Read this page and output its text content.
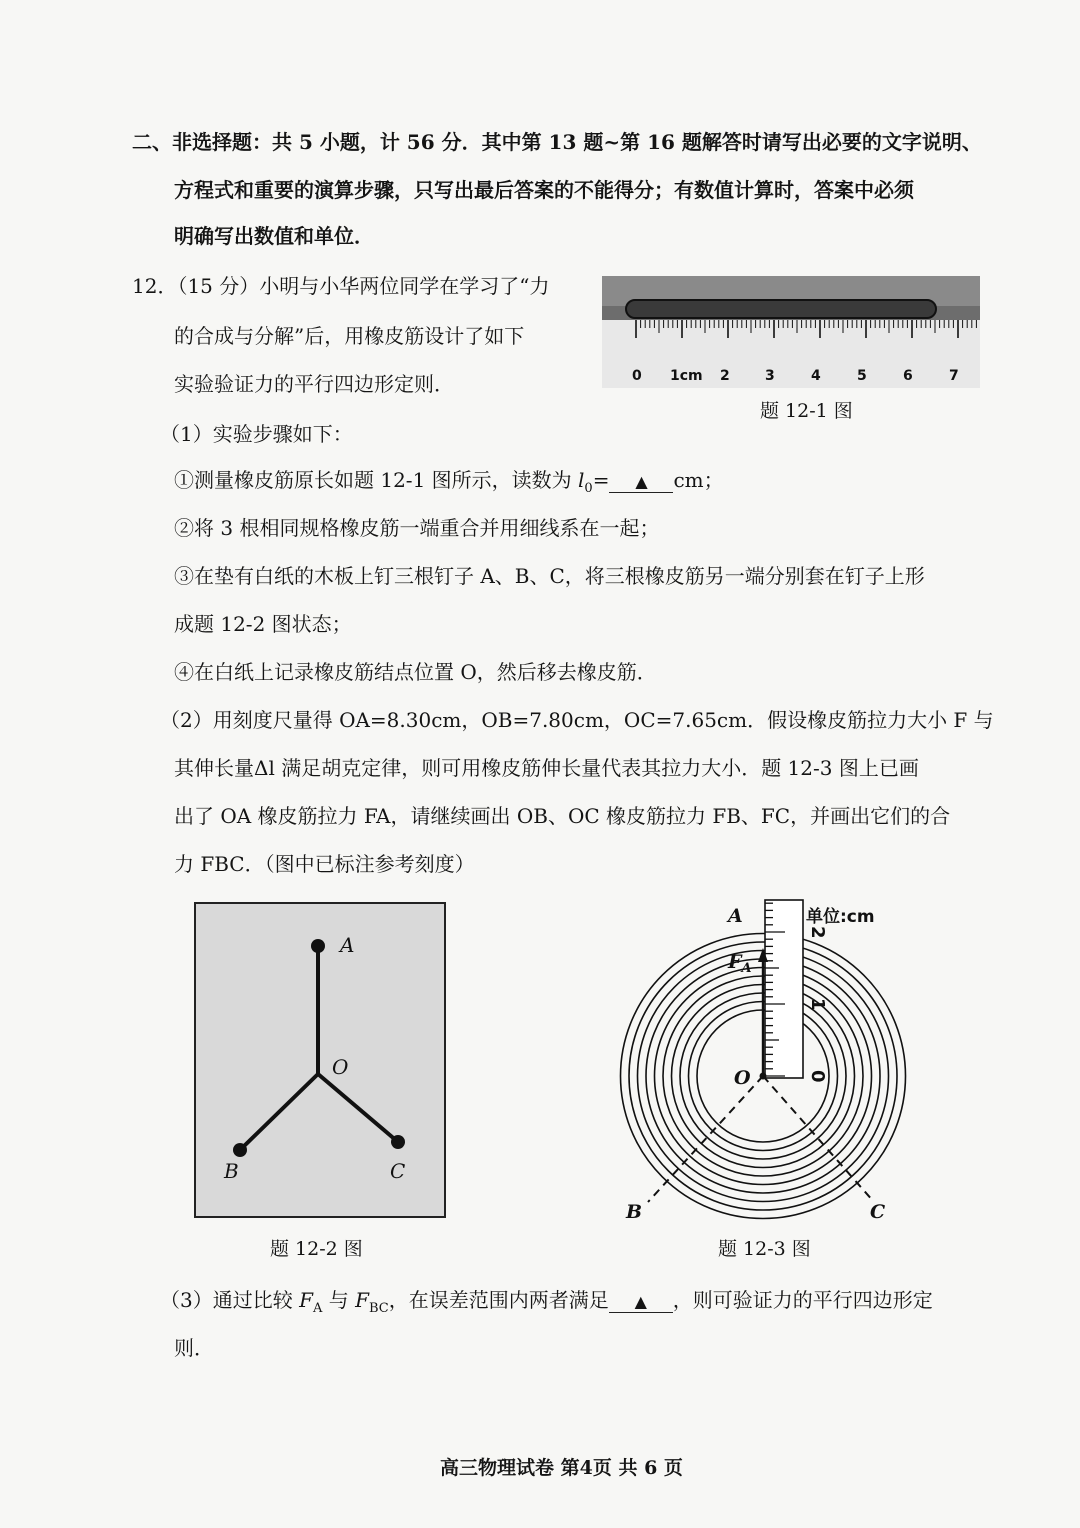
二、非选择题：共 5 小题，计 56 分．其中第 13 题~第 16 题解答时请写出必要的文字说明、
方程式和重要的演算步骤，只写出最后答案的不能得分；有数值计算时，答案中必须
明确写出数值和单位．
12．（15 分）小明与小华两位同学在学习了“力
的合成与分解”后，用橡皮筋设计了如下
实验验证力的平行四边形定则．	0 1cm 2	3	4	5	6	7
题 12-1 图
（1）实验步骤如下：
①测量橡皮筋原长如题 12-1 图所示，读数为 $l_0=$ ▲ cm；
②将 3 根相同规格橡皮筋一端重合并用细线系在一起；
③在垫有白纸的木板上钉三根钉子 A、B、C，将三根橡皮筋另一端分别套在钉子上形
成题 12-2 图状态；
④在白纸上记录橡皮筋结点位置 O，然后移去橡皮筋．
（2）用刻度尺量得 OA=8.30cm，OB=7.80cm，OC=7.65cm．假设橡皮筋拉力大小 F 与
其伸长量Δl 满足胡克定律，则可用橡皮筋伸长量代表其拉力大小．题 12-3 图上已画
出了 OA 橡皮筋拉力 FA，请继续画出 OB、OC 橡皮筋拉力 FB、FC，并画出它们的合
力 FBC．（图中已标注参考刻度）
A
O
B	C
题 12-2 图
A
O
B	C
$F_A$
单位:cm
0
1
2
题 12-3 图
（3）通过比较 $F_A$ 与 $F_{BC}$，在误差范围内两者满足 ▲ ，则可验证力的平行四边形定
则．
高三物理试卷 第4页 共 6 页
